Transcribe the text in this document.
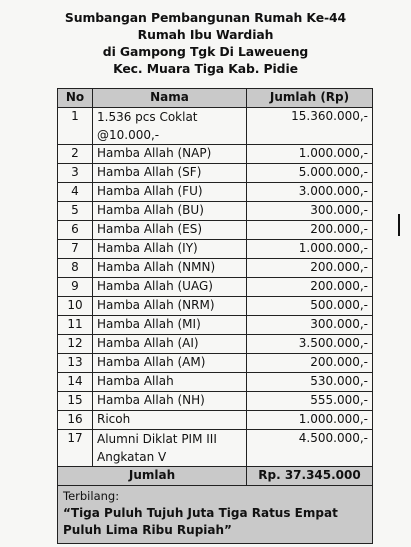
Sumbangan Pembangunan Rumah Ke-44
Rumah Ibu Wardiah
di Gampong Tgk Di Laweueng
Kec. Muara Tiga Kab. Pidie
No	Nama	Jumlah (Rp)
1	1.536 pcs Coklat @10.000,-	15.360.000,-
2	Hamba Allah (NAP)	1.000.000,-
3	Hamba Allah (SF)	5.000.000,-
4	Hamba Allah (FU)	3.000.000,-
5	Hamba Allah (BU)	300.000,-
6	Hamba Allah (ES)	200.000,-
7	Hamba Allah (IY)	1.000.000,-
8	Hamba Allah (NMN)	200.000,-
9	Hamba Allah (UAG)	200.000,-
10	Hamba Allah (NRM)	500.000,-
11	Hamba Allah (MI)	300.000,-
12	Hamba Allah (AI)	3.500.000,-
13	Hamba Allah (AM)	200.000,-
14	Hamba Allah	530.000,-
15	Hamba Allah (NH)	555.000,-
16	Ricoh	1.000.000,-
17	Alumni Diklat PIM III Angkatan V	4.500.000,-
Jumlah		Rp. 37.345.000

Terbilang:
“Tiga Puluh Tujuh Juta Tiga Ratus Empat Puluh Lima Ribu Rupiah”		
